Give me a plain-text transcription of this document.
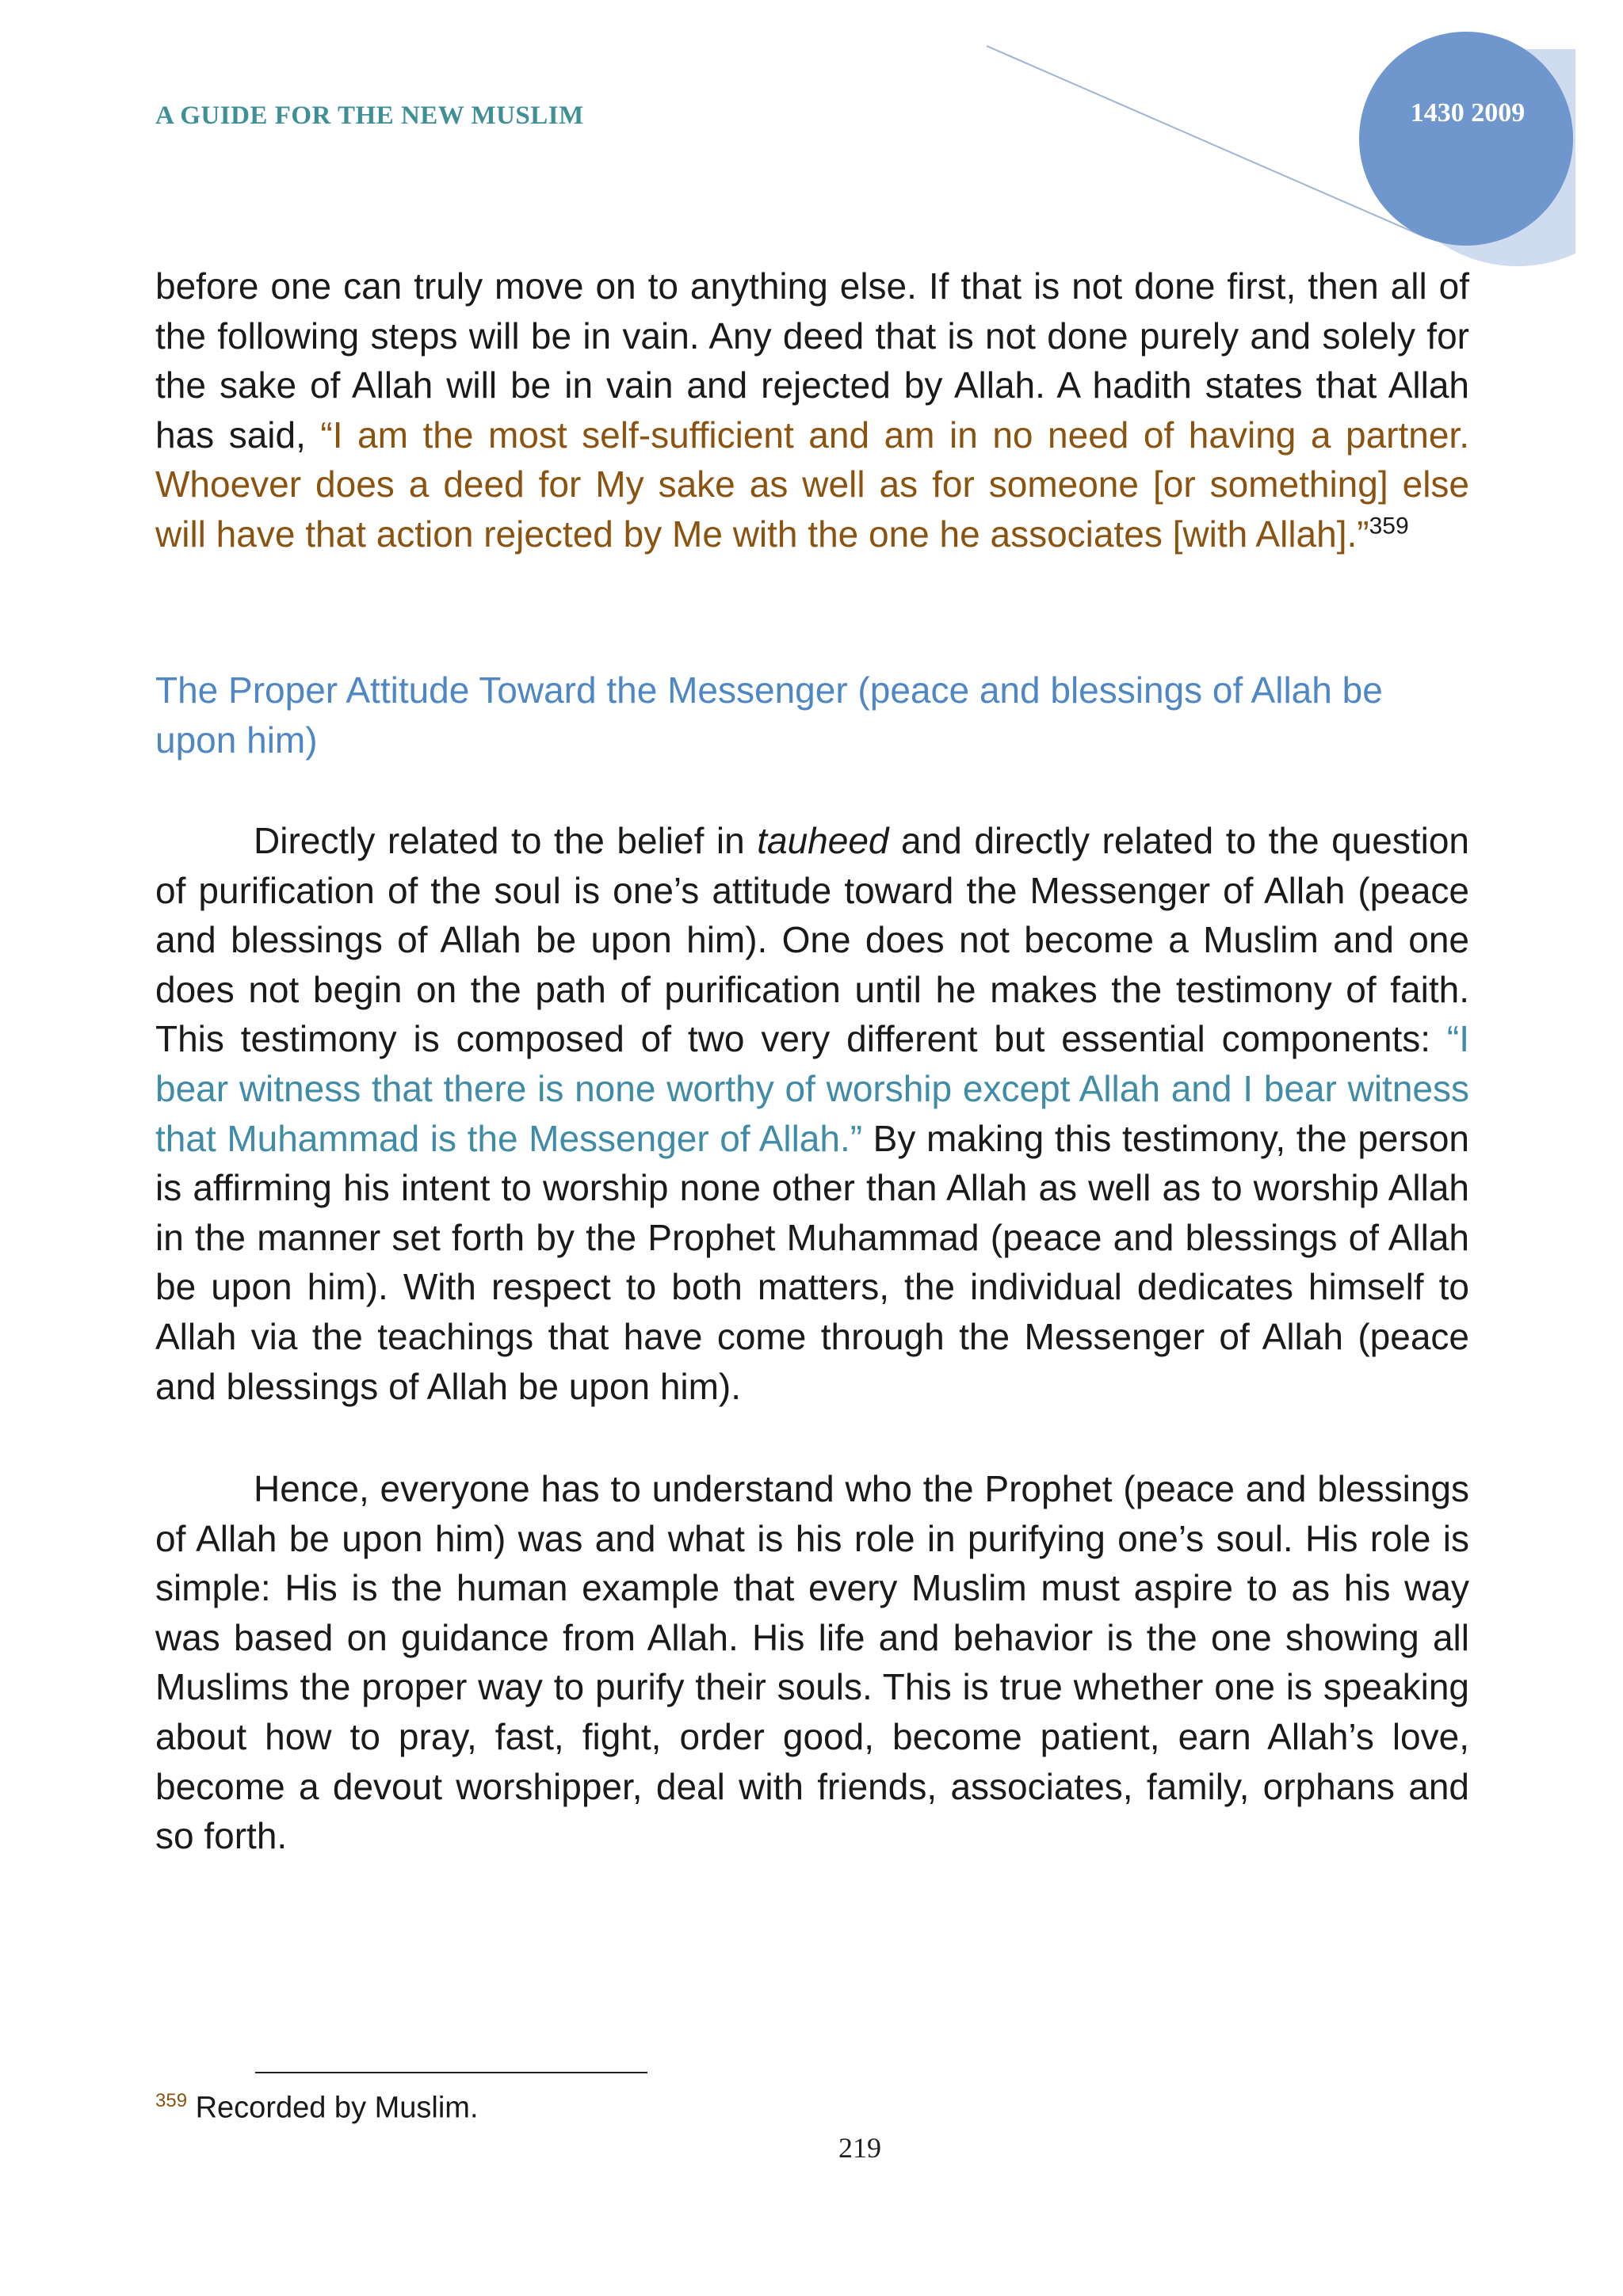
A GUIDE FOR THE NEW MUSLIM	1430 2009

before one can truly move on to anything else. If that is not done first, then all of the following steps will be in vain. Any deed that is not done purely and solely for the sake of Allah will be in vain and rejected by Allah. A hadith states that Allah has said, “I am the most self-sufficient and am in no need of having a partner. Whoever does a deed for My sake as well as for someone [or something] else will have that action rejected by Me with the one he associates [with Allah].”$^{359}$

The Proper Attitude Toward the Messenger (peace and blessings of Allah be upon him)

Directly related to the belief in tauheed and directly related to the question of purification of the soul is one’s attitude toward the Messenger of Allah (peace and blessings of Allah be upon him). One does not become a Muslim and one does not begin on the path of purification until he makes the testimony of faith. This testimony is composed of two very different but essential components: “I bear witness that there is none worthy of worship except Allah and I bear witness that Muhammad is the Messenger of Allah.” By making this testimony, the person is affirming his intent to worship none other than Allah as well as to worship Allah in the manner set forth by the Prophet Muhammad (peace and blessings of Allah be upon him). With respect to both matters, the individual dedicates himself to Allah via the teachings that have come through the Messenger of Allah (peace and blessings of Allah be upon him).

Hence, everyone has to understand who the Prophet (peace and blessings of Allah be upon him) was and what is his role in purifying one’s soul. His role is simple: His is the human example that every Muslim must aspire to as his way was based on guidance from Allah. His life and behavior is the one showing all Muslims the proper way to purify their souls. This is true whether one is speaking about how to pray, fast, fight, order good, become patient, earn Allah’s love, become a devout worshipper, deal with friends, associates, family, orphans and so forth.

$^{359}$ Recorded by Muslim.

219
